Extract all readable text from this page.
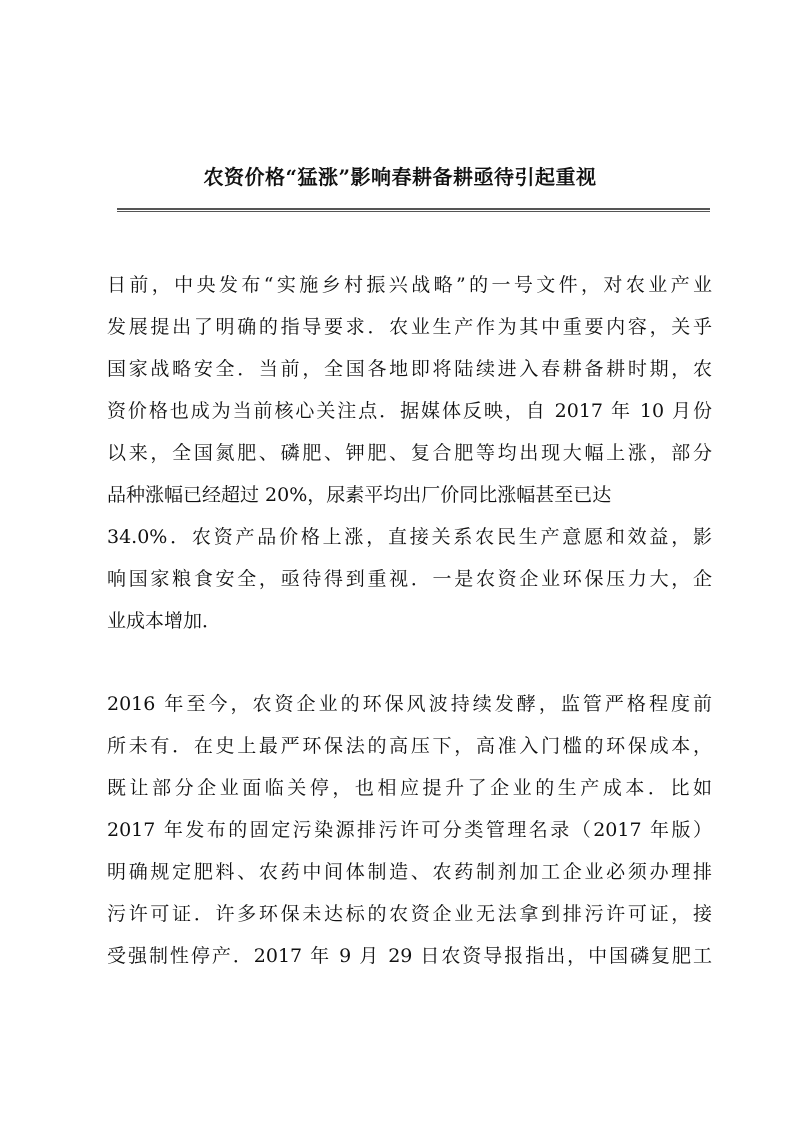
农资价格“猛涨”影响春耕备耕亟待引起重视
日前，中央发布“实施乡村振兴战略”的一号文件，对农业产业
发展提出了明确的指导要求．农业生产作为其中重要内容，关乎
国家战略安全．当前，全国各地即将陆续进入春耕备耕时期，农
资价格也成为当前核心关注点．据媒体反映，自 2017 年 10 月份
以来，全国氮肥、磷肥、钾肥、复合肥等均出现大幅上涨，部分
品种涨幅已经超过 20%，尿素平均出厂价同比涨幅甚至已达
34.0%．农资产品价格上涨，直接关系农民生产意愿和效益，影
响国家粮食安全，亟待得到重视．一是农资企业环保压力大，企
业成本增加．
2016 年至今，农资企业的环保风波持续发酵，监管严格程度前
所未有．在史上最严环保法的高压下，高准入门槛的环保成本，
既让部分企业面临关停，也相应提升了企业的生产成本．比如
2017 年发布的固定污染源排污许可分类管理名录（2017 年版）
明确规定肥料、农药中间体制造、农药制剂加工企业必须办理排
污许可证．许多环保未达标的农资企业无法拿到排污许可证，接
受强制性停产．2017 年 9 月 29 日农资导报指出，中国磷复肥工
